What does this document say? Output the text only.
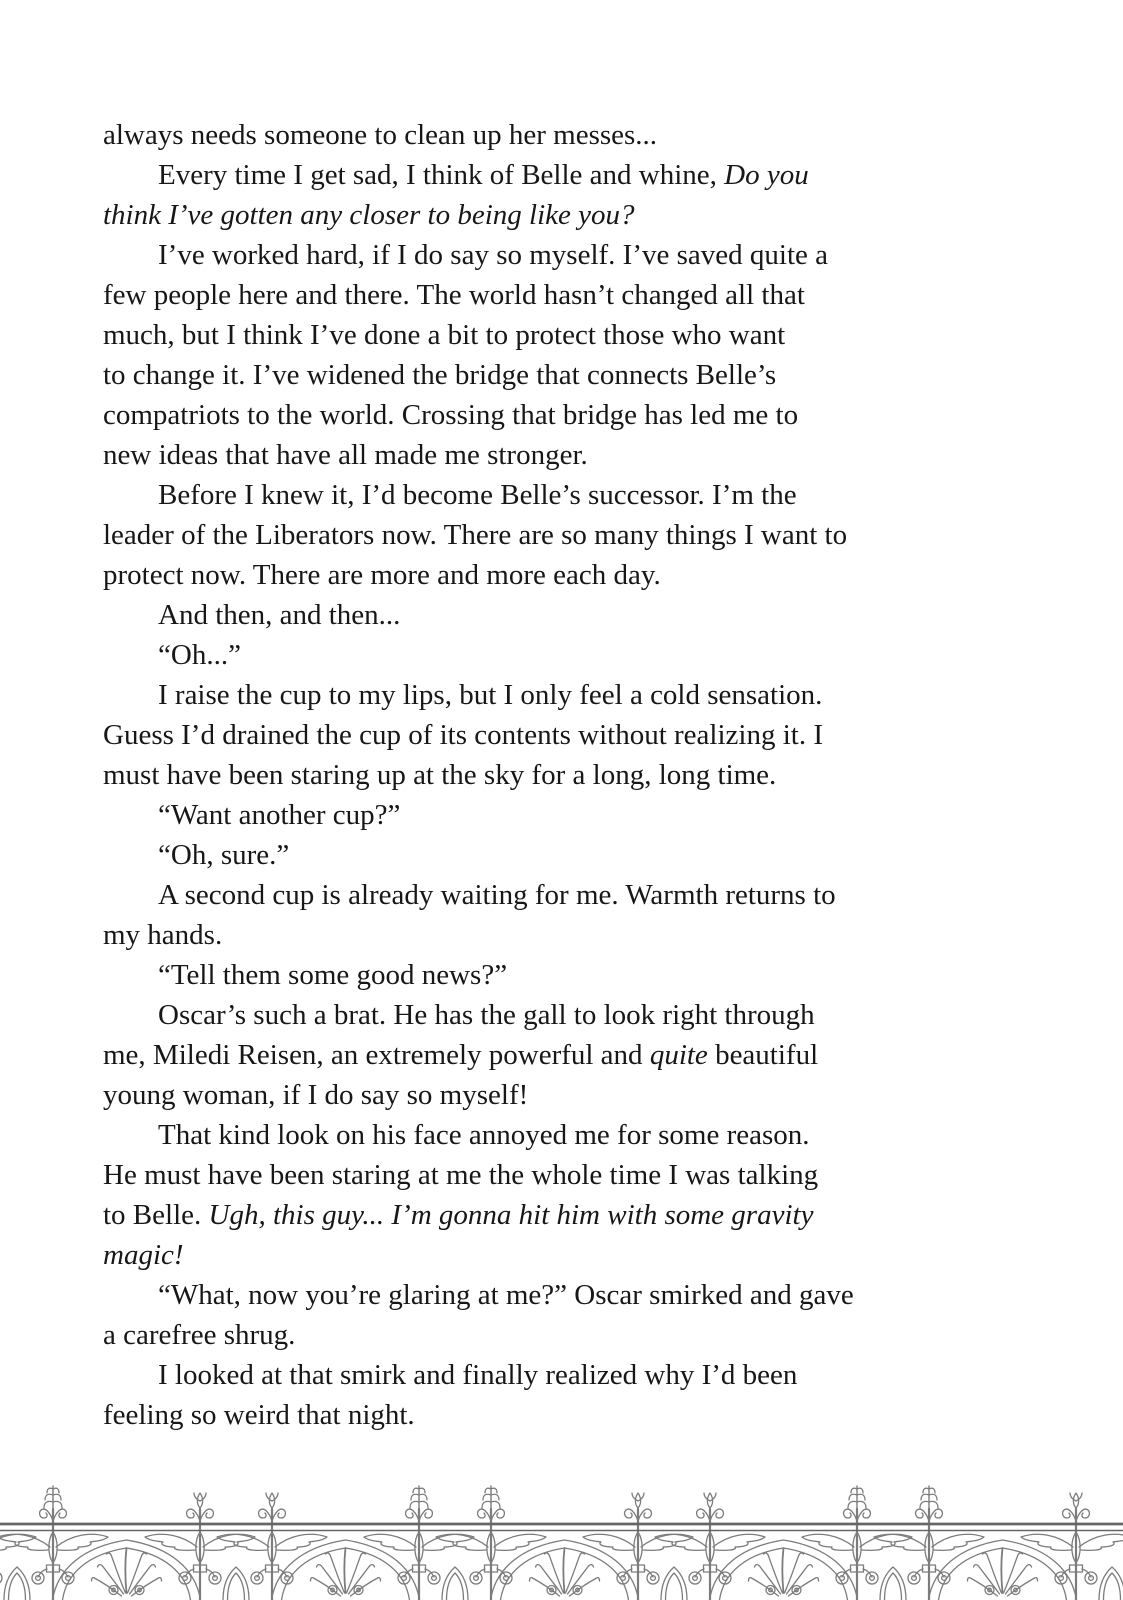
always needs someone to clean up her messes...

Every time I get sad, I think of Belle and whine, Do you
think I’ve gotten any closer to being like you?

I’ve worked hard, if I do say so myself. I’ve saved quite a
few people here and there. The world hasn’t changed all that
much, but I think I’ve done a bit to protect those who want
to change it. I’ve widened the bridge that connects Belle’s
compatriots to the world. Crossing that bridge has led me to
new ideas that have all made me stronger.

Before I knew it, I’d become Belle’s successor. I’m the
leader of the Liberators now. There are so many things I want to
protect now. There are more and more each day.

And then, and then...

“Oh...”

I raise the cup to my lips, but I only feel a cold sensation.
Guess I’d drained the cup of its contents without realizing it. I
must have been staring up at the sky for a long, long time.

“Want another cup?”

“Oh, sure.”

A second cup is already waiting for me. Warmth returns to
my hands.

“Tell them some good news?”

Oscar’s such a brat. He has the gall to look right through
me, Miledi Reisen, an extremely powerful and quite beautiful
young woman, if I do say so myself!

That kind look on his face annoyed me for some reason.
He must have been staring at me the whole time I was talking
to Belle. Ugh, this guy... I’m gonna hit him with some gravity
magic!

“What, now you’re glaring at me?” Oscar smirked and gave
a carefree shrug.

I looked at that smirk and finally realized why I’d been
feeling so weird that night.
